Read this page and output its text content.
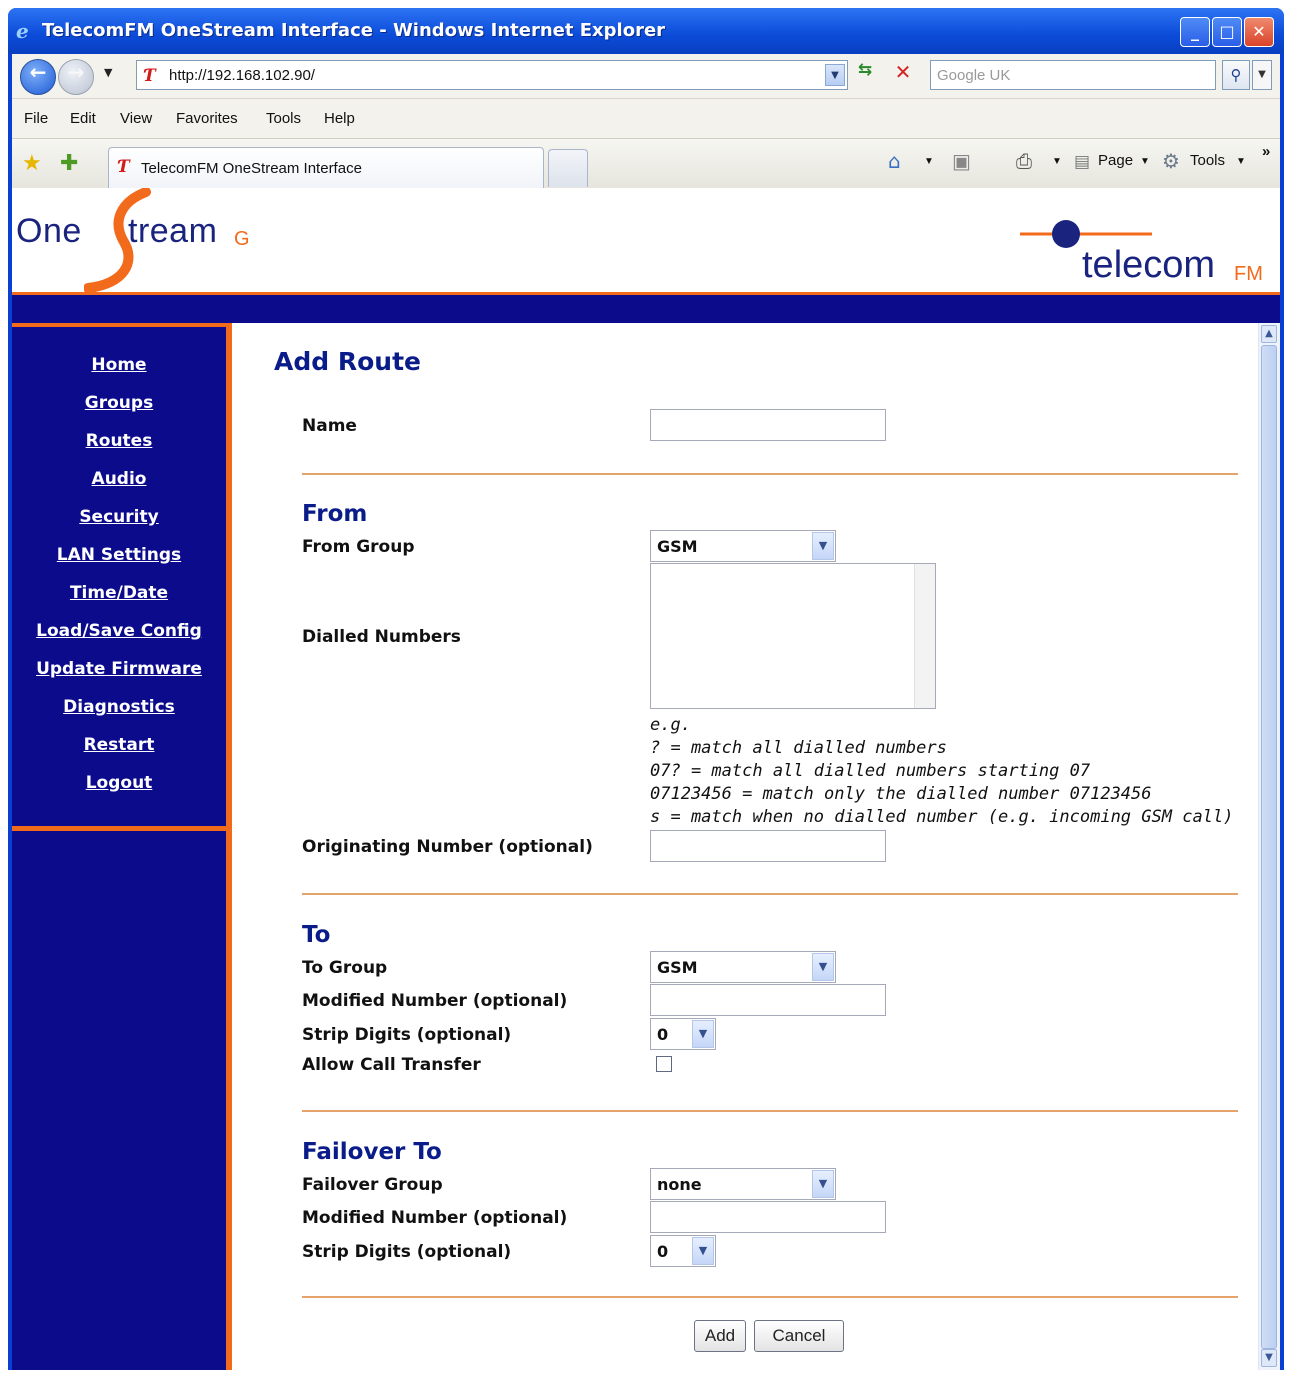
e TelecomFM OneStream Interface - Windows Internet Explorer	_	□	✕
←	→	▼ Ƭ http://192.168.102.90/	▼	⇆	✕	Google UK	⚲	▼
File Edit View Favorites Tools Help
★ ✚ Ƭ TelecomFM OneStream Interface	⌂ ▼ ▣ ⎙ ▼ ▤ Page ▼ ⚙ Tools ▼
»
One tream G
telecom FM
Home
Groups
Routes
Audio
Security
LAN Settings
Time/Date
Load/Save Config
Update Firmware
Diagnostics
Restart
Logout
Add Route
Name
From
From Group	GSM	▼
Dialled Numbers
e.g.
? = match all dialled numbers
07? = match all dialled numbers starting 07
07123456 = match only the dialled number 07123456
s = match when no dialled number (e.g. incoming GSM call)
Originating Number (optional)
To
To Group	GSM	▼
Modified Number (optional)
Strip Digits (optional)	0	▼
Allow Call Transfer
Failover To
Failover Group	none	▼
Modified Number (optional)
Strip Digits (optional)	0	▼
Add	Cancel
▲
▼
